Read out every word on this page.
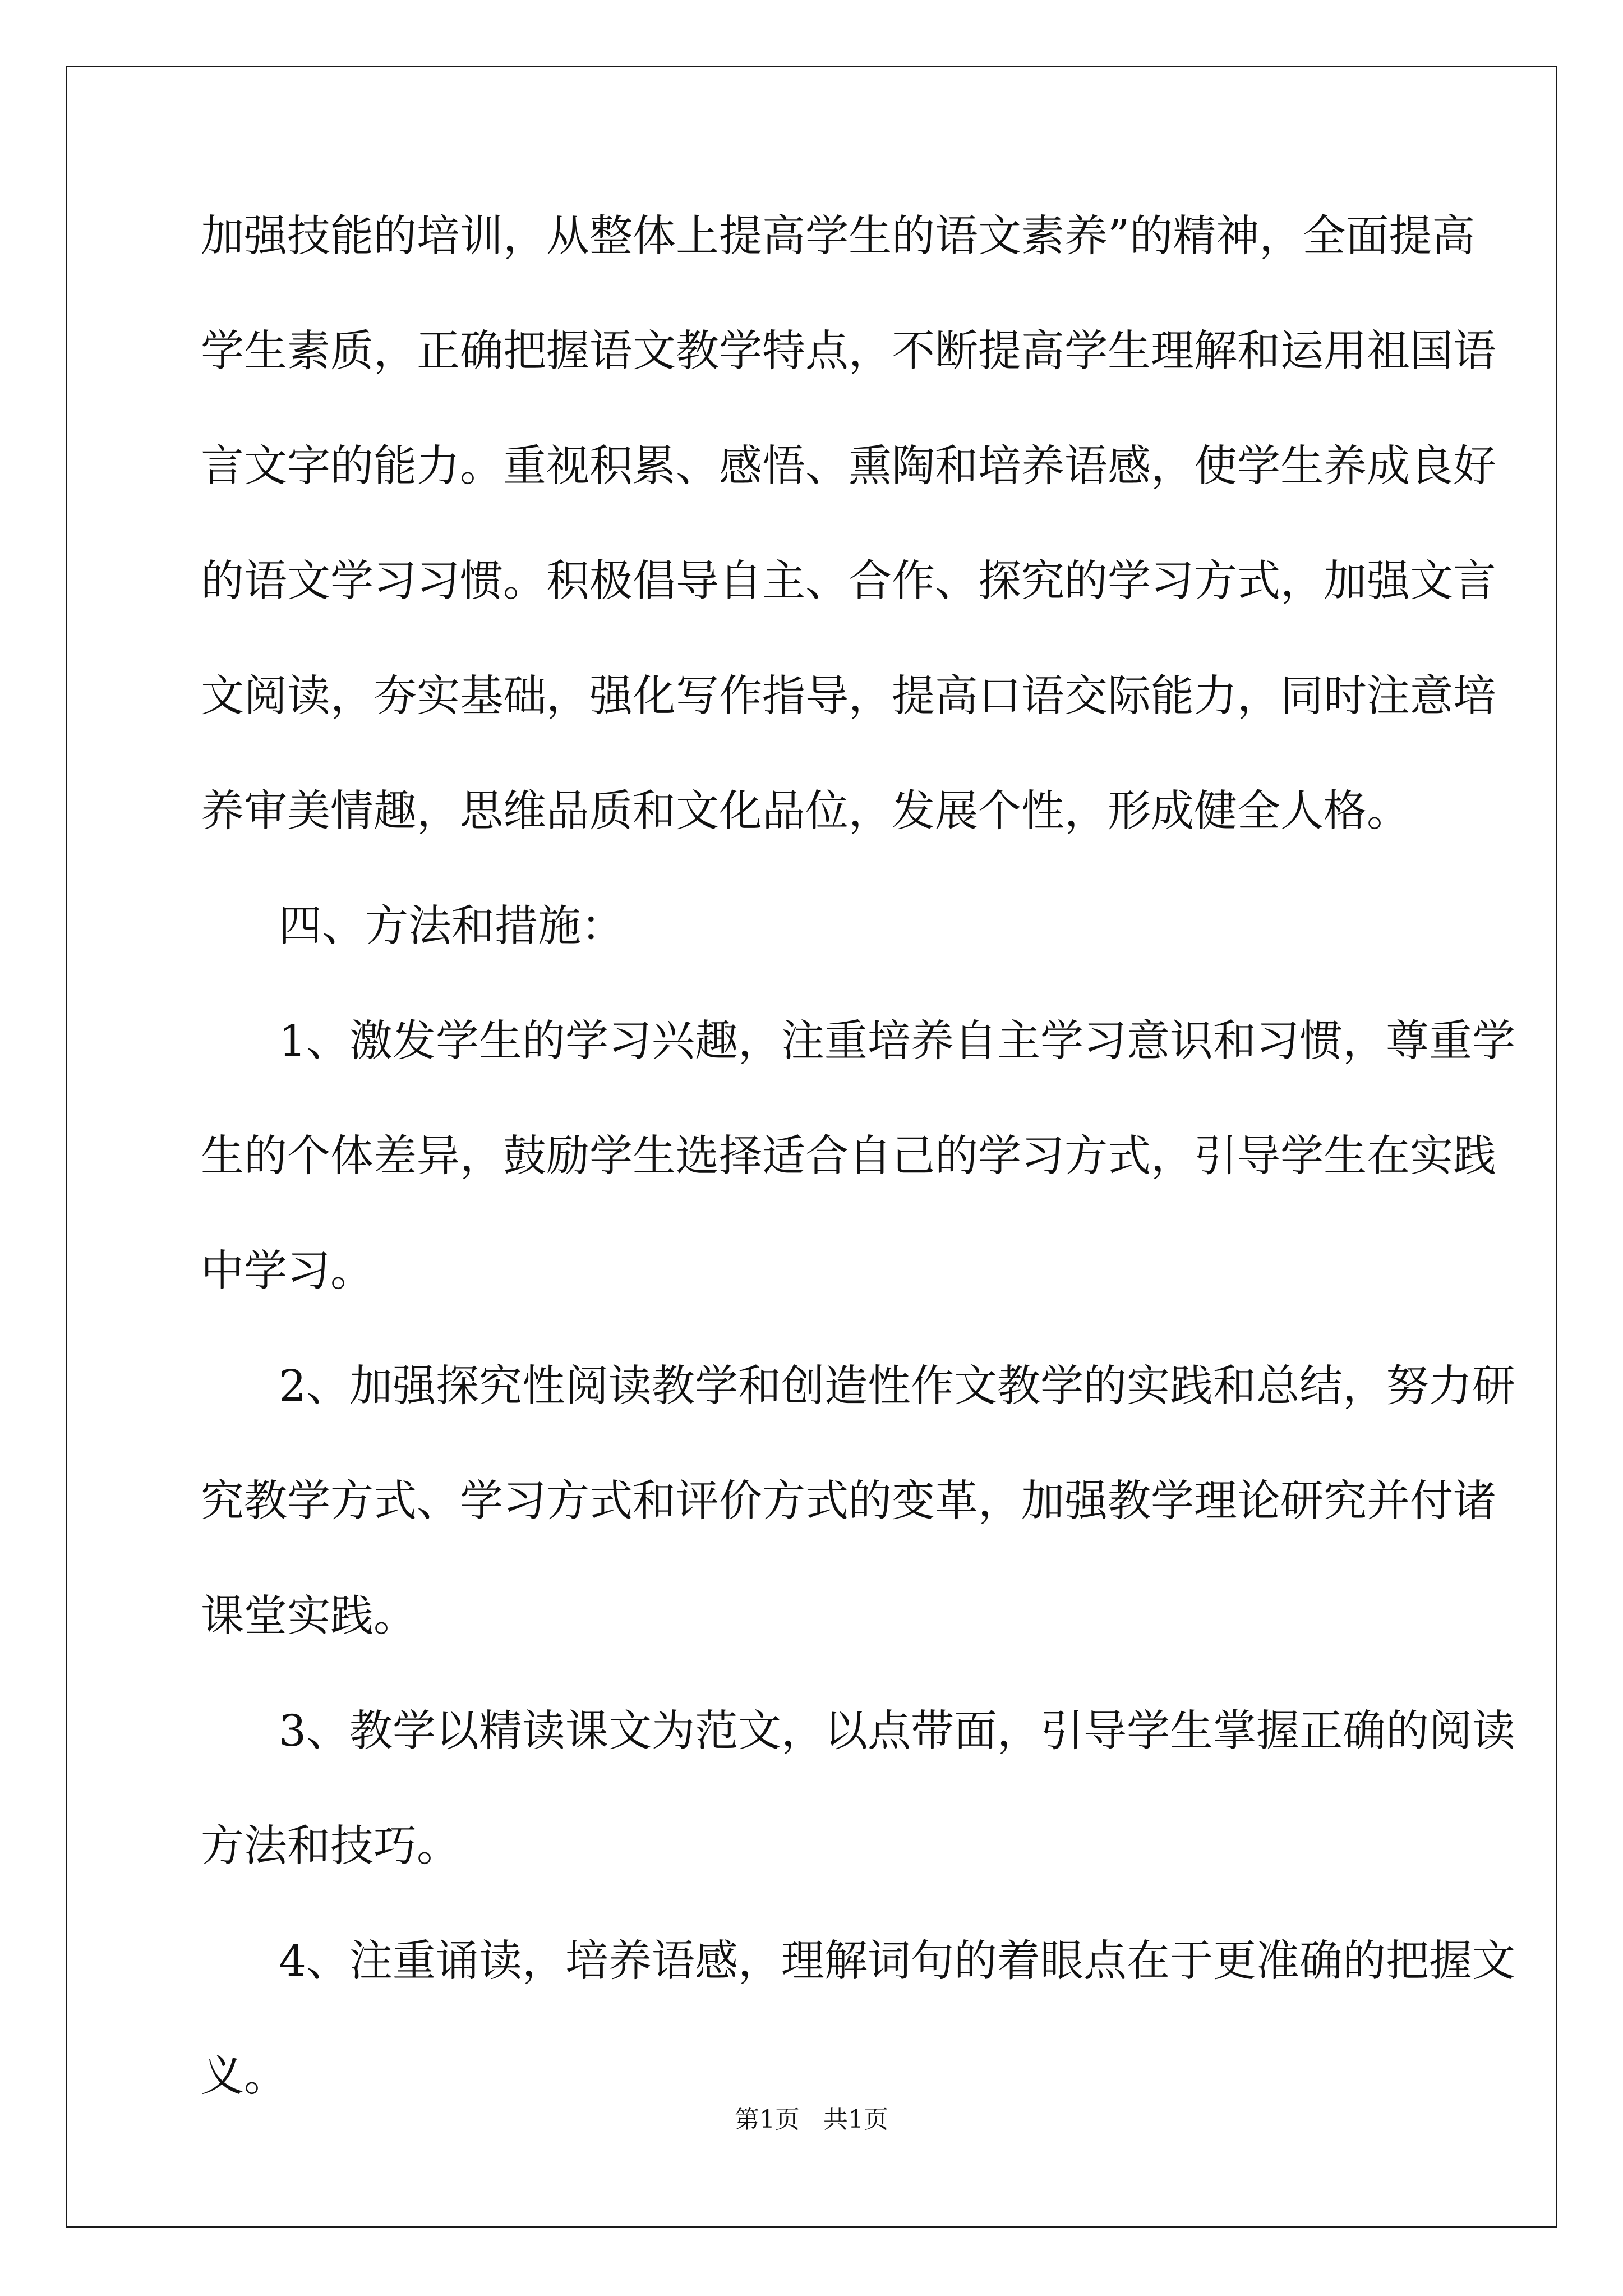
加强技能的培训，从整体上提高学生的语文素养”的精神，全面提高
学生素质，正确把握语文教学特点，不断提高学生理解和运用祖国语
言文字的能力。重视积累、感悟、熏陶和培养语感，使学生养成良好
的语文学习习惯。积极倡导自主、合作、探究的学习方式，加强文言
文阅读，夯实基础，强化写作指导，提高口语交际能力，同时注意培
养审美情趣，思维品质和文化品位，发展个性，形成健全人格。
四、方法和措施：
1、激发学生的学习兴趣，注重培养自主学习意识和习惯，尊重学
生的个体差异，鼓励学生选择适合自己的学习方式，引导学生在实践
中学习。
2、加强探究性阅读教学和创造性作文教学的实践和总结，努力研
究教学方式、学习方式和评价方式的变革，加强教学理论研究并付诸
课堂实践。
3、教学以精读课文为范文，以点带面，引导学生掌握正确的阅读
方法和技巧。
4、注重诵读，培养语感，理解词句的着眼点在于更准确的把握文
第1页   共1页
义。
